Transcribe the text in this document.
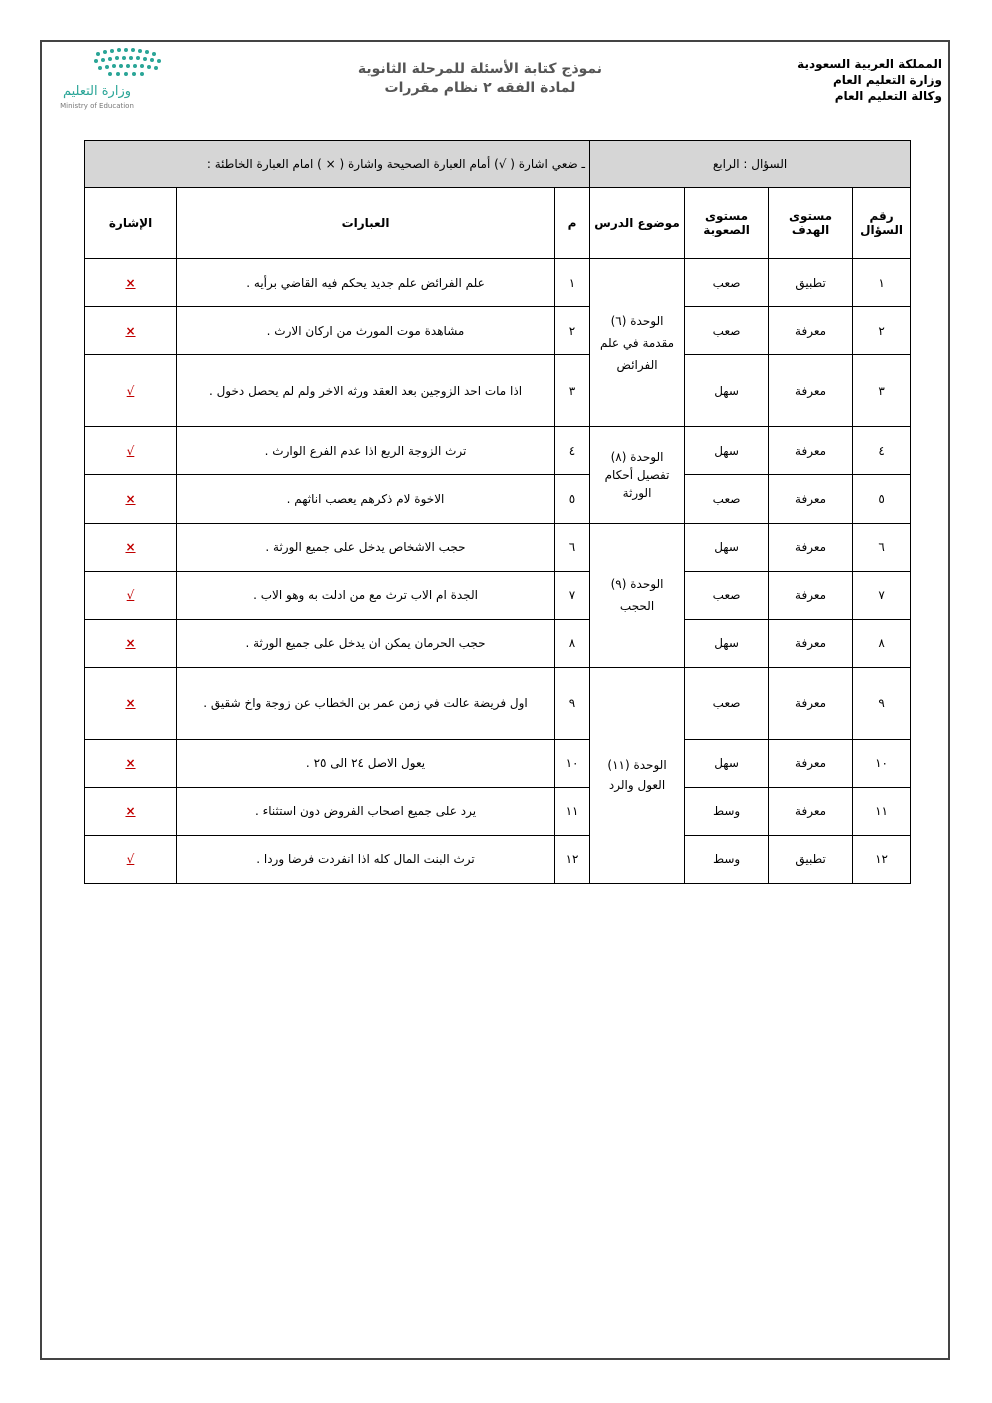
المملكة العربية السعودية
وزارة التعليم العام
وكالة التعليم العام
نموذج كتابة الأسئلة للمرحلة الثانوية
لمادة الفقه ٢ نظام مقررات
وزارة التعليم
Ministry of Education
السؤال : الرابع				ـ ضعي اشارة ( √) أمام العبارة الصحيحة واشارة ( × ) امام العبارة الخاطئة :		
رقم السؤال	مستوى الهدف	مستوى الصعوبة	موضوع الدرس	م	العبارات	الإشارة
١	تطبيق	صعب	الوحدة (٦) مقدمة في علم الفرائض	١	علم الفرائض علم جديد يحكم فيه القاضي برأيه .	×
٢	معرفة	صعب		٢	مشاهدة موت المورث من اركان الارث .	×
٣	معرفة	سهل		٣	اذا مات احد الزوجين بعد العقد ورثه الاخر ولم لم يحصل دخول .	√
٤	معرفة	سهل	الوحدة (٨) تفصيل أحكام الورثة	٤	ترث الزوجة الربع اذا عدم الفرع الوارث .	√
٥	معرفة	صعب		٥	الاخوة لام ذكرهم يعصب اناثهم .	×
٦	معرفة	سهل	الوحدة (٩) الحجب	٦	حجب الاشخاص يدخل على جميع الورثة .	×
٧	معرفة	صعب		٧	الجدة ام الاب ترث مع من ادلت به وهو الاب .	√
٨	معرفة	سهل		٨	حجب الحرمان يمكن ان يدخل على جميع الورثة .	×
٩	معرفة	صعب	الوحدة (١١) العول والرد	٩	اول فريضة عالت في زمن عمر بن الخطاب عن زوجة واخ شقيق .	×
١٠	معرفة	سهل		١٠	يعول الاصل ٢٤ الى ٢٥ .	×
١١	معرفة	وسط		١١	يرد على جميع اصحاب الفروض دون استثناء .	×
١٢	تطبيق	وسط		١٢	ترث البنت المال كله اذا انفردت فرضا وردا .	√
